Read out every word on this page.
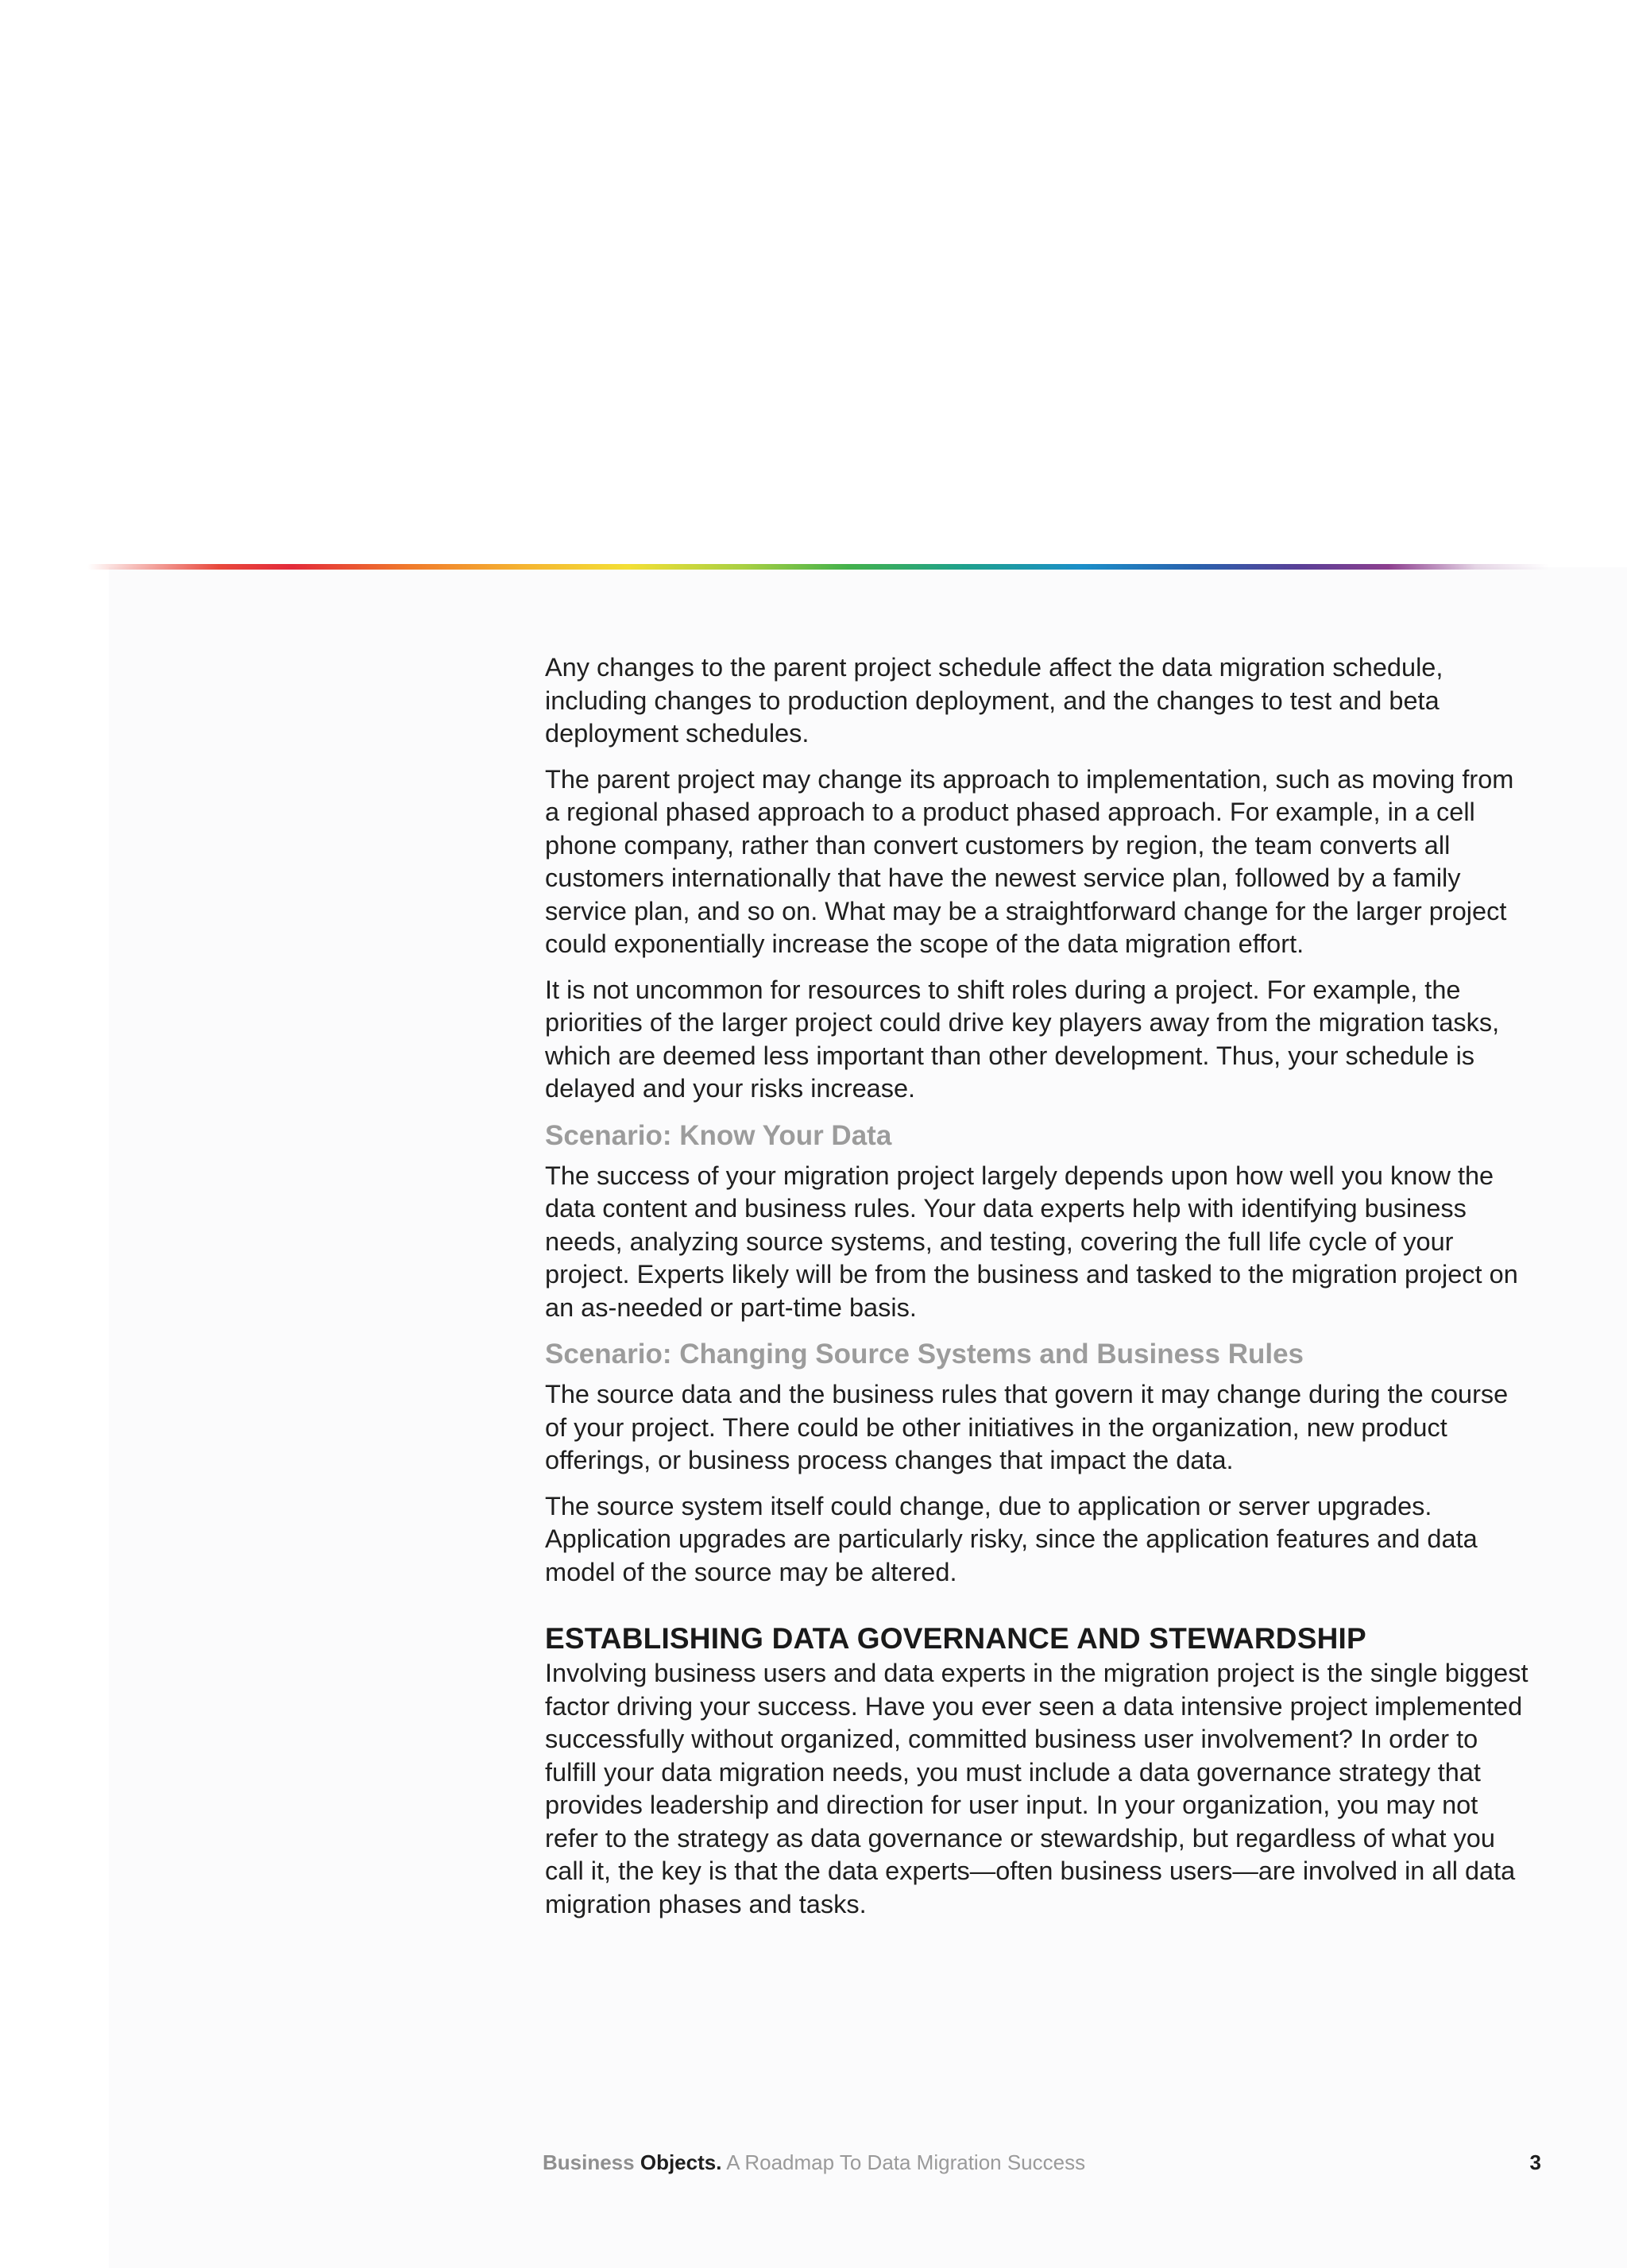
Any changes to the parent project schedule affect the data migration schedule, including changes to production deployment, and the changes to test and beta deployment schedules.

The parent project may change its approach to implementation, such as moving from a regional phased approach to a product phased approach. For example, in a cell phone company, rather than convert customers by region, the team converts all customers internationally that have the newest service plan, followed by a family service plan, and so on. What may be a straightforward change for the larger project could exponentially increase the scope of the data migration effort.

It is not uncommon for resources to shift roles during a project. For example, the priorities of the larger project could drive key players away from the migration tasks, which are deemed less important than other development. Thus, your schedule is delayed and your risks increase.

Scenario: Know Your Data

The success of your migration project largely depends upon how well you know the data content and business rules. Your data experts help with identifying business needs, analyzing source systems, and testing, covering the full life cycle of your project. Experts likely will be from the business and tasked to the migration project on an as-needed or part-time basis.

Scenario: Changing Source Systems and Business Rules

The source data and the business rules that govern it may change during the course of your project. There could be other initiatives in the organization, new product offerings, or business process changes that impact the data.

The source system itself could change, due to application or server upgrades. Application upgrades are particularly risky, since the application features and data model of the source may be altered.

ESTABLISHING DATA GOVERNANCE AND STEWARDSHIP

Involving business users and data experts in the migration project is the single biggest factor driving your success. Have you ever seen a data intensive project implemented successfully without organized, committed business user involvement? In order to fulfill your data migration needs, you must include a data governance strategy that provides leadership and direction for user input. In your organization, you may not refer to the strategy as data governance or stewardship, but regardless of what you call it, the key is that the data experts—often business users—are involved in all data migration phases and tasks.

Business Objects. A Roadmap To Data Migration Success	3
